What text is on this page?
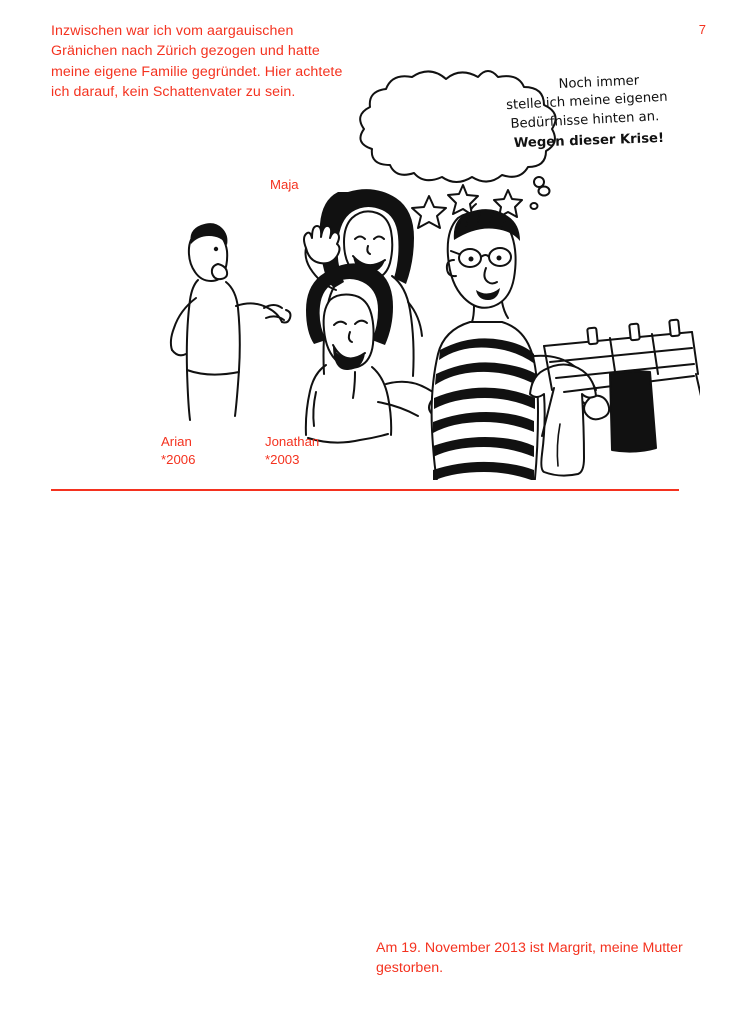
7
Inzwischen war ich vom aargauischen Gränichen nach Zürich gezogen und hatte meine eigene Familie gegründet. Hier achtete ich darauf, kein Schattenvater zu sein.
Noch immer
stelle ich meine eigenen
Bedürfnisse hinten an.
Wegen dieser Krise!
Maja
Arian
*2006
Jonathan
*2003
Am 19. November 2013 ist Margrit, meine Mutter gestorben.
